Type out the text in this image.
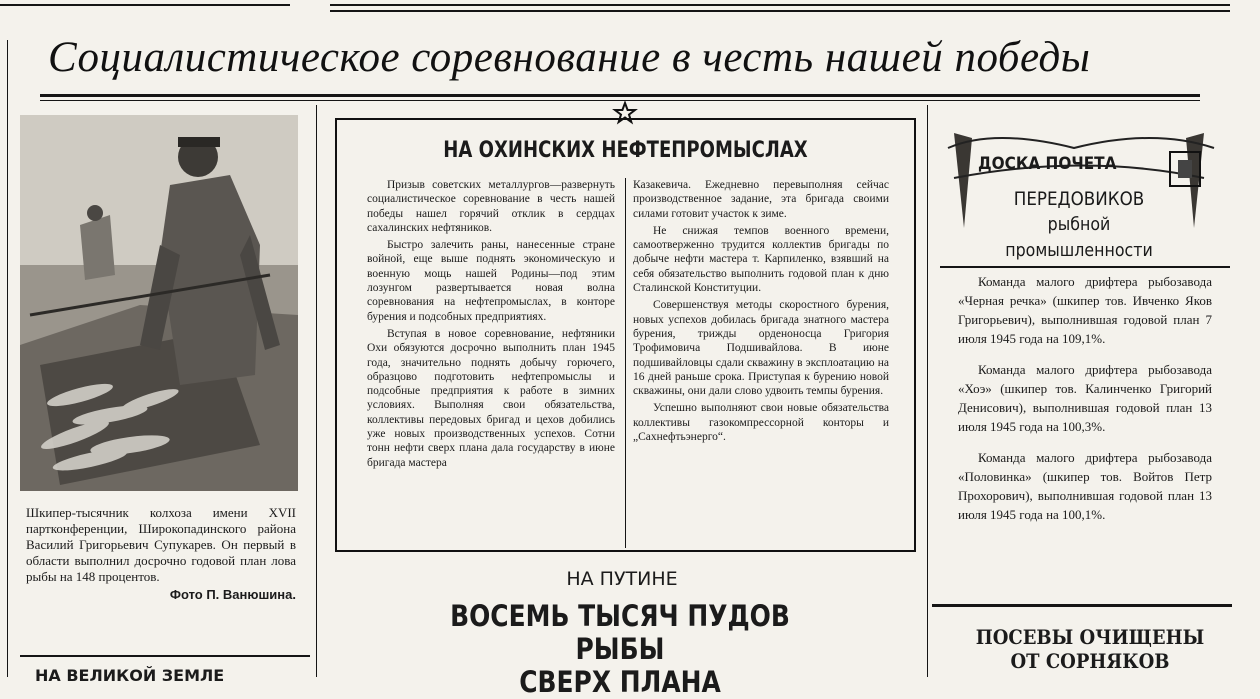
Социалистическое соревнование в честь нашей победы
Шкипер-тысячник колхоза имени XVII партконференции, Широкопадинского района Василий Григорьевич Супукарев. Он первый в области выполнил досрочно годовой план лова рыбы на 148 процентов.
Фото П. Ванюшина.
НА ВЕЛИКОЙ ЗЕМЛЕ
НА ОХИНСКИХ НЕФТЕПРОМЫСЛАХ

Призыв советских металлургов—развернуть социалистическое соревнование в честь нашей победы нашел горячий отклик в сердцах сахалинских нефтяников.

Быстро залечить раны, нанесенные стране войной, еще выше поднять экономическую и военную мощь нашей Родины—под этим лозунгом развертывается новая волна соревнования на нефтепромыслах, в конторе бурения и подсобных предприятиях.

Вступая в новое соревнование, нефтяники Охи обязуются досрочно выполнить план 1945 года, значительно поднять добычу горючего, образцово подготовить нефтепромыслы и подсобные предприятия к работе в зимних условиях. Выполняя свои обязательства, коллективы передовых бригад и цехов добились уже новых производственных успехов. Сотни тонн нефти сверх плана дала государству в июне бригада мастера

Казакевича. Ежедневно перевыполняя сейчас производственное задание, эта бригада своими силами готовит участок к зиме.

Не снижая темпов военного времени, самоотверженно трудится коллектив бригады по добыче нефти мастера т. Карпиленко, взявший на себя обязательство выполнить годовой план к дню Сталинской Конституции.

Совершенствуя методы скоростного бурения, новых успехов добилась бригада знатного мастера бурения, трижды орденоносца Григория Трофимовича Подшивайлова. В июне подшивайловцы сдали скважину в эксплоатацию на 16 дней раньше срока. Приступая к бурению новой скважины, они дали слово удвоить темпы бурения.

Успешно выполняют свои новые обязательства коллективы газокомпрессорной конторы и „Сахнефтьэнерго“.

НА ПУТИНЕ
ВОСЕМЬ ТЫСЯЧ ПУДОВ РЫБЫ
СВЕРХ ПЛАНА
ДОСКА ПОЧЕТА
ПЕРЕДОВИКОВ
рыбной
промышленности

Команда малого дрифтера рыбозавода «Черная речка» (шкипер тов. Ивченко Яков Григорьевич), выполнившая годовой план 7 июля 1945 года на 109,1%.

Команда малого дрифтера рыбозавода «Хоэ» (шкипер тов. Калинченко Григорий Денисович), выполнившая годовой план 13 июля 1945 года на 100,3%.

Команда малого дрифтера рыбозавода «Половинка» (шкипер тов. Войтов Петр Прохорович), выполнившая годовой план 13 июля 1945 года на 100,1%.

ПОСЕВЫ ОЧИЩЕНЫ
ОТ СОРНЯКОВ
